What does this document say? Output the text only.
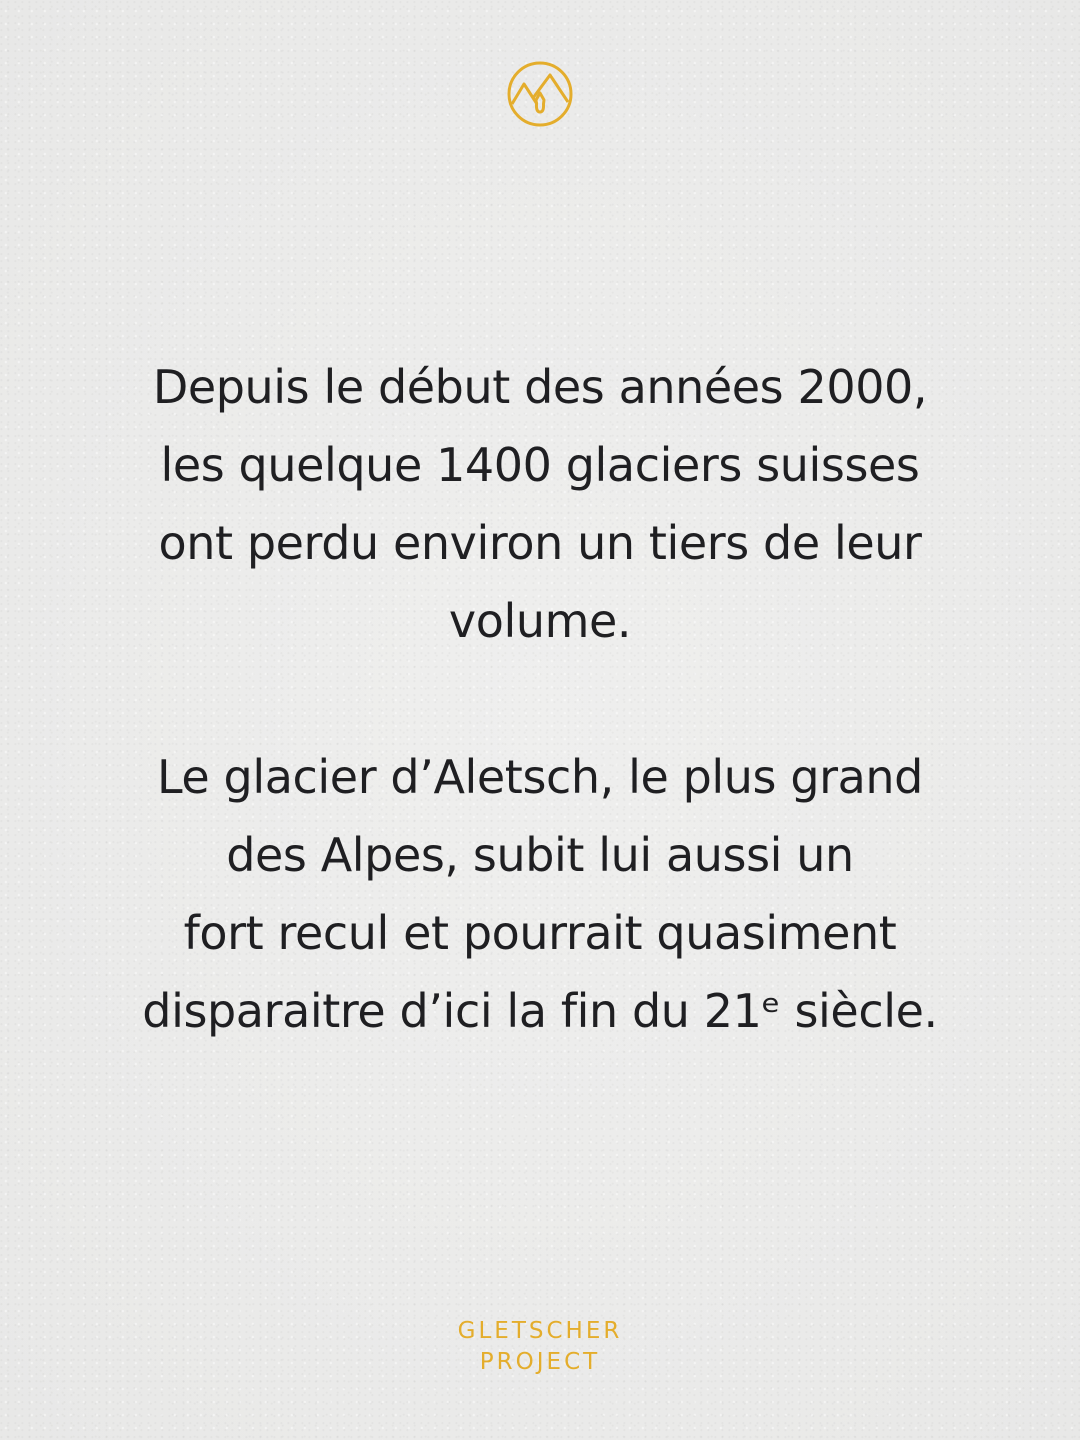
Depuis le début des années 2000,
les quelque 1400 glaciers suisses
ont perdu environ un tiers de leur
volume.

Le glacier d’Aletsch, le plus grand
des Alpes, subit lui aussi un
fort recul et pourrait quasiment
disparaitre d’ici la fin du 21ᵉ siècle.

GLETSCHER
PROJECT
